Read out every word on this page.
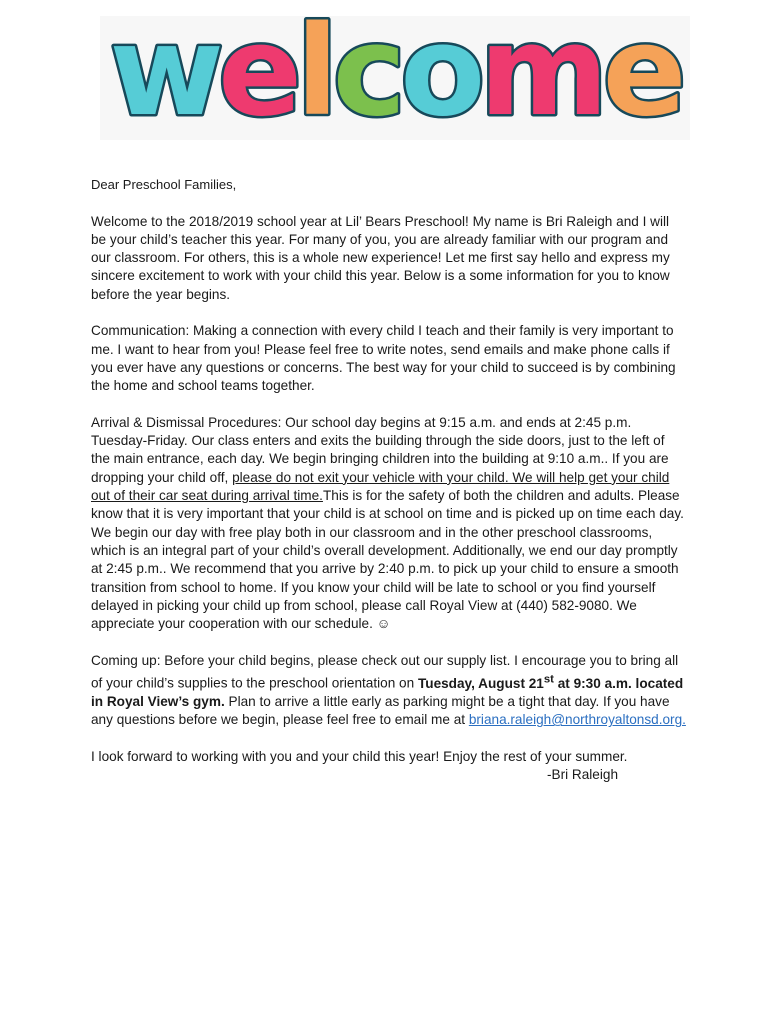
welcome

Dear Preschool Families,

Welcome to the 2018/2019 school year at Lil’ Bears Preschool! My name is Bri Raleigh and I will be your child’s teacher this year. For many of you, you are already familiar with our program and our classroom. For others, this is a whole new experience! Let me first say hello and express my sincere excitement to work with your child this year. Below is a some information for you to know before the year begins.

Communication: Making a connection with every child I teach and their family is very important to me. I want to hear from you! Please feel free to write notes, send emails and make phone calls if you ever have any questions or concerns. The best way for your child to succeed is by combining the home and school teams together.

Arrival & Dismissal Procedures: Our school day begins at 9:15 a.m. and ends at 2:45 p.m. Tuesday-Friday. Our class enters and exits the building through the side doors, just to the left of the main entrance, each day. We begin bringing children into the building at 9:10 a.m.. If you are dropping your child off, please do not exit your vehicle with your child. We will help get your child out of their car seat during arrival time.This is for the safety of both the children and adults. Please know that it is very important that your child is at school on time and is picked up on time each day. We begin our day with free play both in our classroom and in the other preschool classrooms, which is an integral part of your child’s overall development. Additionally, we end our day promptly at 2:45 p.m.. We recommend that you arrive by 2:40 p.m. to pick up your child to ensure a smooth transition from school to home. If you know your child will be late to school or you find yourself delayed in picking your child up from school, please call Royal View at (440) 582-9080. We appreciate your cooperation with our schedule. ☺

Coming up: Before your child begins, please check out our supply list. I encourage you to bring all of your child’s supplies to the preschool orientation on Tuesday, August 21st at 9:30 a.m. located in Royal View’s gym. Plan to arrive a little early as parking might be a tight that day. If you have any questions before we begin, please feel free to email me at briana.raleigh@northroyaltonsd.org.

I look forward to working with you and your child this year! Enjoy the rest of your summer.

-Bri Raleigh
